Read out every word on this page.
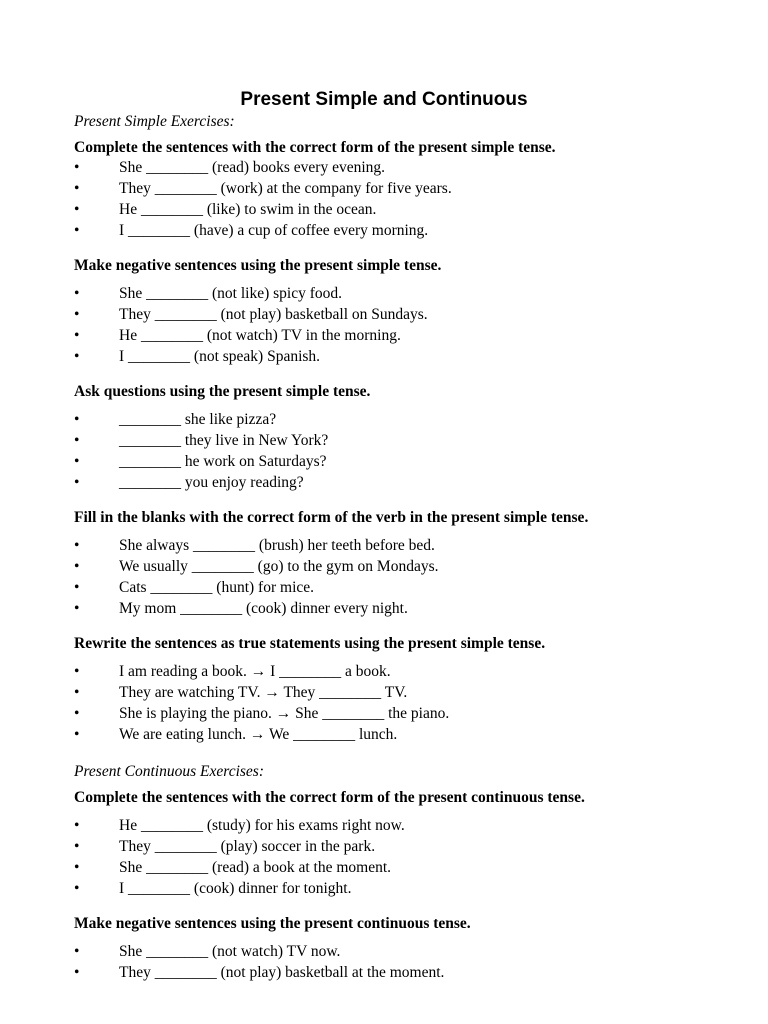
Present Simple and Continuous
Present Simple Exercises:
Complete the sentences with the correct form of the present simple tense.
•	She ________ (read) books every evening.
•	They ________ (work) at the company for five years.
•	He ________ (like) to swim in the ocean.
•	I ________ (have) a cup of coffee every morning.
Make negative sentences using the present simple tense.
•	She ________ (not like) spicy food.
•	They ________ (not play) basketball on Sundays.
•	He ________ (not watch) TV in the morning.
•	I ________ (not speak) Spanish.
Ask questions using the present simple tense.
•	________ she like pizza?
•	________ they live in New York?
•	________ he work on Saturdays?
•	________ you enjoy reading?
Fill in the blanks with the correct form of the verb in the present simple tense.
•	She always ________ (brush) her teeth before bed.
•	We usually ________ (go) to the gym on Mondays.
•	Cats ________ (hunt) for mice.
•	My mom ________ (cook) dinner every night.
Rewrite the sentences as true statements using the present simple tense.
•	I am reading a book. → I ________ a book.
•	They are watching TV. → They ________ TV.
•	She is playing the piano. → She ________ the piano.
•	We are eating lunch. → We ________ lunch.
Present Continuous Exercises:
Complete the sentences with the correct form of the present continuous tense.
•	He ________ (study) for his exams right now.
•	They ________ (play) soccer in the park.
•	She ________ (read) a book at the moment.
•	I ________ (cook) dinner for tonight.
Make negative sentences using the present continuous tense.
•	She ________ (not watch) TV now.
•	They ________ (not play) basketball at the moment.
